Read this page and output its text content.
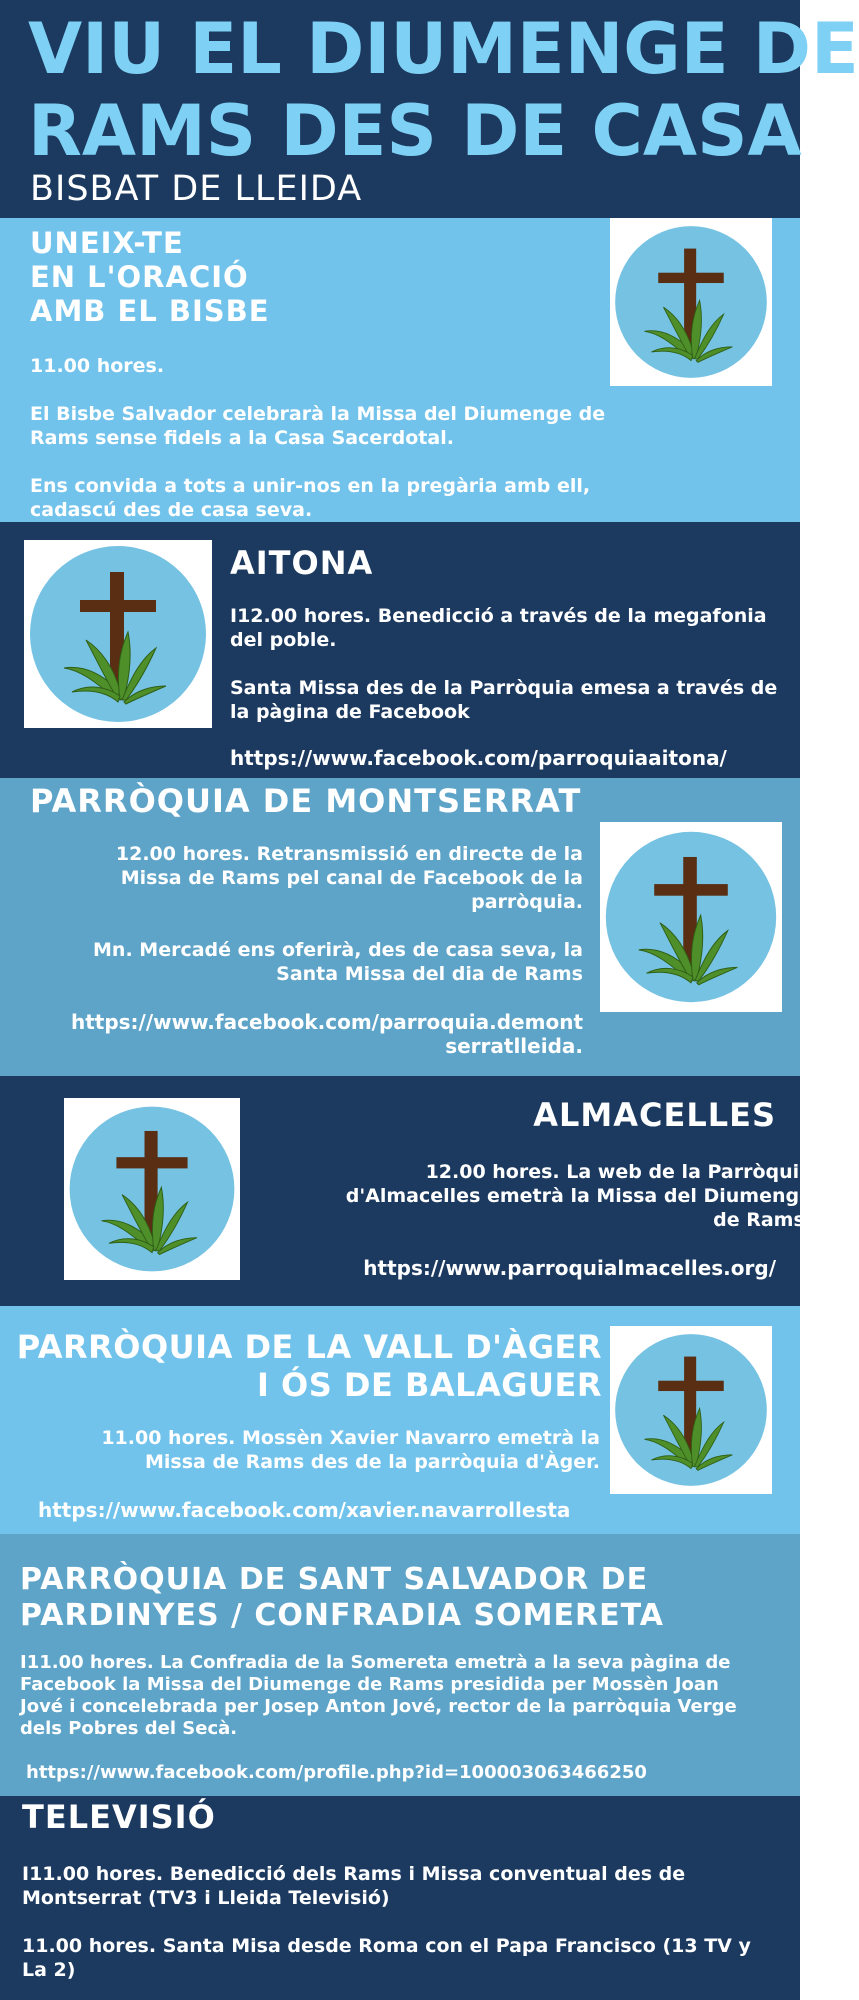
VIU EL DIUMENGE DE
RAMS DES DE CASA
BISBAT DE LLEIDA
UNEIX-TE
EN L'ORACIÓ
AMB EL BISBE

11.00 hores.

El Bisbe Salvador celebrarà la Missa del Diumenge de Rams sense fidels a la Casa Sacerdotal.

Ens convida a tots a unir-nos en la pregària amb ell, cadascú des de casa seva.

AITONA

I12.00 hores. Benedicció a través de la megafonia del poble.

Santa Missa des de la Parròquia emesa a través de la pàgina de Facebook

https://www.facebook.com/parroquiaaitona/
PARRÒQUIA DE MONTSERRAT

12.00 hores. Retransmissió en directe de la Missa de Rams pel canal de Facebook de la parròquia.

Mn. Mercadé ens oferirà, des de casa seva, la Santa Missa del dia de Rams

https://www.facebook.com/parroquia.demont
serratlleida.
ALMACELLES

12.00 hores. La web de la Parròquia d'Almacelles emetrà la Missa del Diumenge de Rams.

https://www.parroquialmacelles.org/
PARRÒQUIA DE LA VALL D'ÀGER
I ÓS DE BALAGUER

11.00 hores. Mossèn Xavier Navarro emetrà la Missa de Rams des de la parròquia d'Àger.

https://www.facebook.com/xavier.navarrollesta
PARRÒQUIA DE SANT SALVADOR DE
PARDINYES / CONFRADIA SOMERETA

I11.00 hores. La Confradia de la Somereta emetrà a la seva pàgina de Facebook la Missa del Diumenge de Rams presidida per Mossèn Joan Jové i concelebrada per Josep Anton Jové, rector de la parròquia Verge dels Pobres del Secà.

https://www.facebook.com/profile.php?id=100003063466250
TELEVISIÓ

I11.00 hores. Benedicció dels Rams i Missa conventual des de Montserrat (TV3 i Lleida Televisió)

11.00 hores. Santa Misa desde Roma con el Papa Francisco (13 TV y La 2)
